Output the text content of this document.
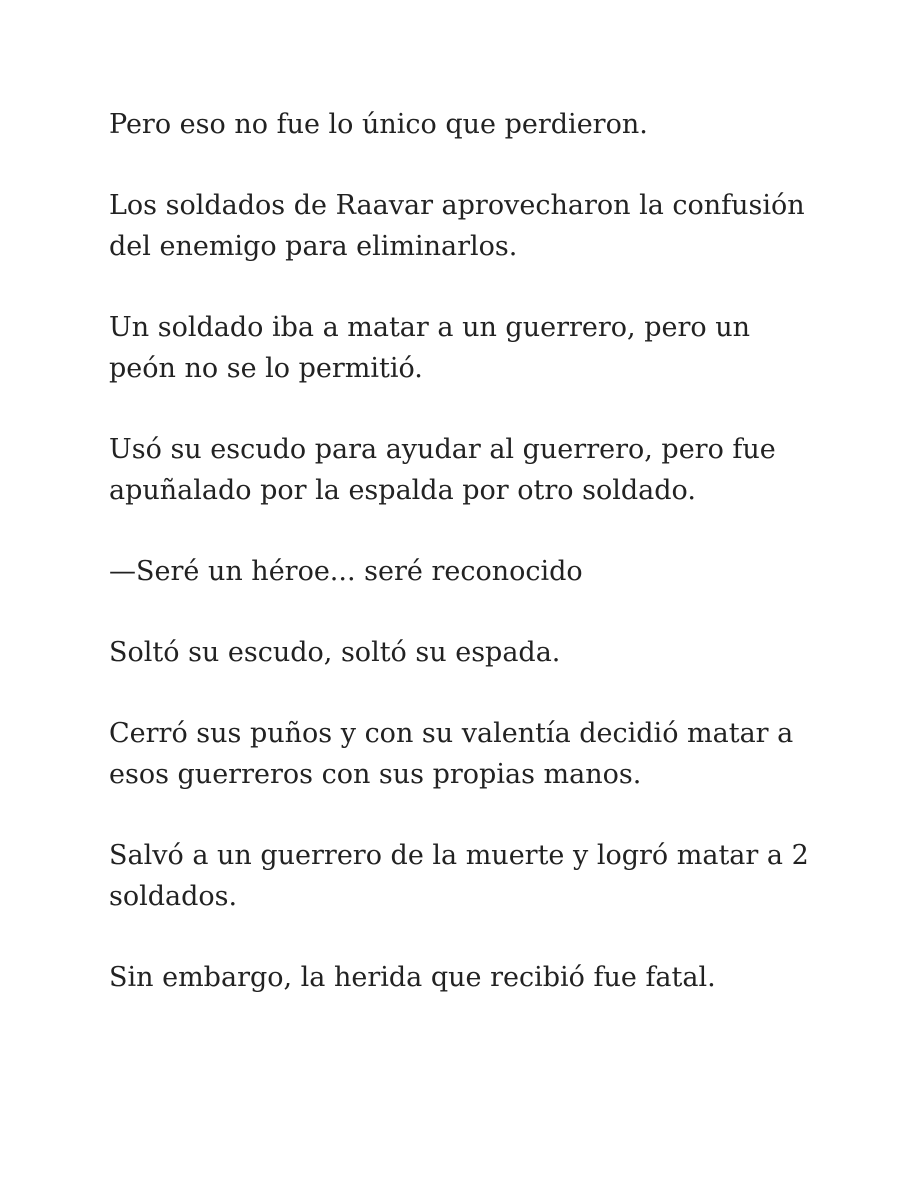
Pero eso no fue lo único que perdieron.

Los soldados de Raavar aprovecharon la confusión del enemigo para eliminarlos.

Un soldado iba a matar a un guerrero, pero un peón no se lo permitió.

Usó su escudo para ayudar al guerrero, pero fue apuñalado por la espalda por otro soldado.

—Seré un héroe... seré reconocido

Soltó su escudo, soltó su espada.

Cerró sus puños y con su valentía decidió matar a esos guerreros con sus propias manos.

Salvó a un guerrero de la muerte y logró matar a 2 soldados.

Sin embargo, la herida que recibió fue fatal.
